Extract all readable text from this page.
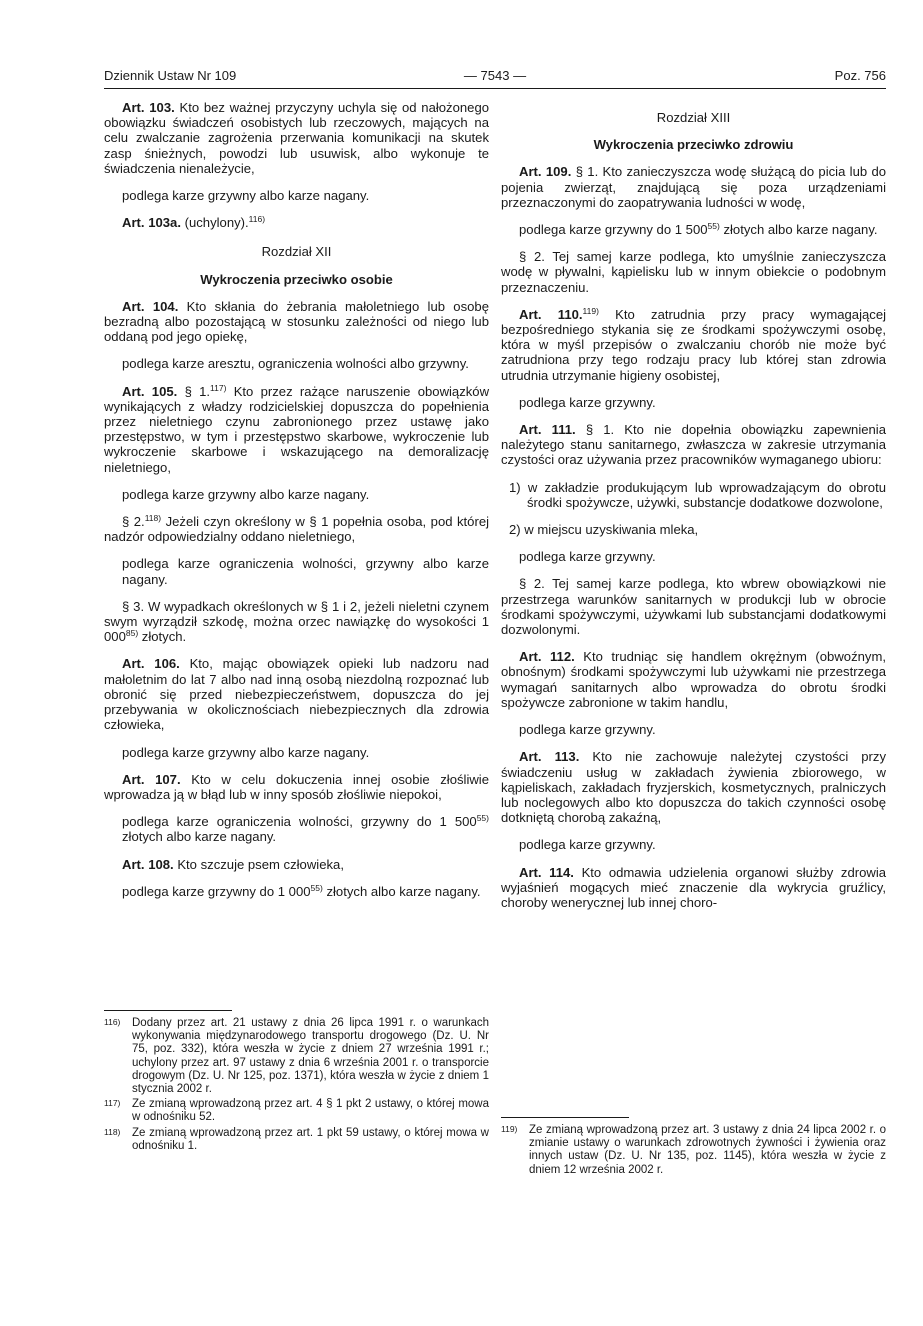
Dziennik Ustaw Nr 109	— 7543 —	Poz. 756

Art. 103. Kto bez ważnej przyczyny uchyla się od nałożonego obowiązku świadczeń osobistych lub rzeczowych, mających na celu zwalczanie zagrożenia przerwania komunikacji na skutek zasp śnieżnych, powodzi lub usuwisk, albo wykonuje te świadczenia nienależycie,

podlega karze grzywny albo karze nagany.

Art. 103a. (uchylony).$^{116)}$

Rozdział XII

Wykroczenia przeciwko osobie

Art. 104. Kto skłania do żebrania małoletniego lub osobę bezradną albo pozostającą w stosunku zależności od niego lub oddaną pod jego opiekę,

podlega karze aresztu, ograniczenia wolności albo grzywny.

Art. 105. § 1.$^{117)}$ Kto przez rażące naruszenie obowiązków wynikających z władzy rodzicielskiej dopuszcza do popełnienia przez nieletniego czynu zabronionego przez ustawę jako przestępstwo, w tym i przestępstwo skarbowe, wykroczenie lub wykroczenie skarbowe i wskazującego na demoralizację nieletniego,

podlega karze grzywny albo karze nagany.

§ 2.$^{118)}$ Jeżeli czyn określony w § 1 popełnia osoba, pod której nadzór odpowiedzialny oddano nieletniego,

podlega karze ograniczenia wolności, grzywny albo karze nagany.

§ 3. W wypadkach określonych w § 1 i 2, jeżeli nieletni czynem swym wyrządził szkodę, można orzec nawiązkę do wysokości 1 000$^{85)}$ złotych.

Art. 106. Kto, mając obowiązek opieki lub nadzoru nad małoletnim do lat 7 albo nad inną osobą niezdolną rozpoznać lub obronić się przed niebezpieczeństwem, dopuszcza do jej przebywania w okolicznościach niebezpiecznych dla zdrowia człowieka,

podlega karze grzywny albo karze nagany.

Art. 107. Kto w celu dokuczenia innej osobie złośliwie wprowadza ją w błąd lub w inny sposób złośliwie niepokoi,

podlega karze ograniczenia wolności, grzywny do 1 500$^{55)}$ złotych albo karze nagany.

Art. 108. Kto szczuje psem człowieka,

podlega karze grzywny do 1 000$^{55)}$ złotych albo karze nagany.

116)	Dodany przez art. 21 ustawy z dnia 26 lipca 1991 r. o warunkach wykonywania międzynarodowego transportu drogowego (Dz. U. Nr 75, poz. 332), która weszła w życie z dniem 27 września 1991 r.; uchylony przez art. 97 ustawy z dnia 6 września 2001 r. o transporcie drogowym (Dz. U. Nr 125, poz. 1371), która weszła w życie z dniem 1 stycznia 2002 r.
117)	Ze zmianą wprowadzoną przez art. 4 § 1 pkt 2 ustawy, o której mowa w odnośniku 52.
118)	Ze zmianą wprowadzoną przez art. 1 pkt 59 ustawy, o której mowa w odnośniku 1.

Rozdział XIII

Wykroczenia przeciwko zdrowiu

Art. 109. § 1. Kto zanieczyszcza wodę służącą do picia lub do pojenia zwierząt, znajdującą się poza urządzeniami przeznaczonymi do zaopatrywania ludności w wodę,

podlega karze grzywny do 1 500$^{55)}$ złotych albo karze nagany.

§ 2. Tej samej karze podlega, kto umyślnie zanieczyszcza wodę w pływalni, kąpielisku lub w innym obiekcie o podobnym przeznaczeniu.

Art. 110.$^{119)}$ Kto zatrudnia przy pracy wymagającej bezpośredniego stykania się ze środkami spożywczymi osobę, która w myśl przepisów o zwalczaniu chorób nie może być zatrudniona przy tego rodzaju pracy lub której stan zdrowia utrudnia utrzymanie higieny osobistej,

podlega karze grzywny.

Art. 111. § 1. Kto nie dopełnia obowiązku zapewnienia należytego stanu sanitarnego, zwłaszcza w zakresie utrzymania czystości oraz używania przez pracowników wymaganego ubioru:

1) w zakładzie produkującym lub wprowadzającym do obrotu środki spożywcze, używki, substancje dodatkowe dozwolone,

2) w miejscu uzyskiwania mleka,

podlega karze grzywny.

§ 2. Tej samej karze podlega, kto wbrew obowiązkowi nie przestrzega warunków sanitarnych w produkcji lub w obrocie środkami spożywczymi, używkami lub substancjami dodatkowymi dozwolonymi.

Art. 112. Kto trudniąc się handlem okrężnym (obwoźnym, obnośnym) środkami spożywczymi lub używkami nie przestrzega wymagań sanitarnych albo wprowadza do obrotu środki spożywcze zabronione w takim handlu,

podlega karze grzywny.

Art. 113. Kto nie zachowuje należytej czystości przy świadczeniu usług w zakładach żywienia zbiorowego, w kąpieliskach, zakładach fryzjerskich, kosmetycznych, pralniczych lub noclegowych albo kto dopuszcza do takich czynności osobę dotkniętą chorobą zakaźną,

podlega karze grzywny.

Art. 114. Kto odmawia udzielenia organowi służby zdrowia wyjaśnień mogących mieć znaczenie dla wykrycia gruźlicy, choroby wenerycznej lub innej choro-

119)	Ze zmianą wprowadzoną przez art. 3 ustawy z dnia 24 lipca 2002 r. o zmianie ustawy o warunkach zdrowotnych żywności i żywienia oraz innych ustaw (Dz. U. Nr 135, poz. 1145), która weszła w życie z dniem 12 września 2002 r.
